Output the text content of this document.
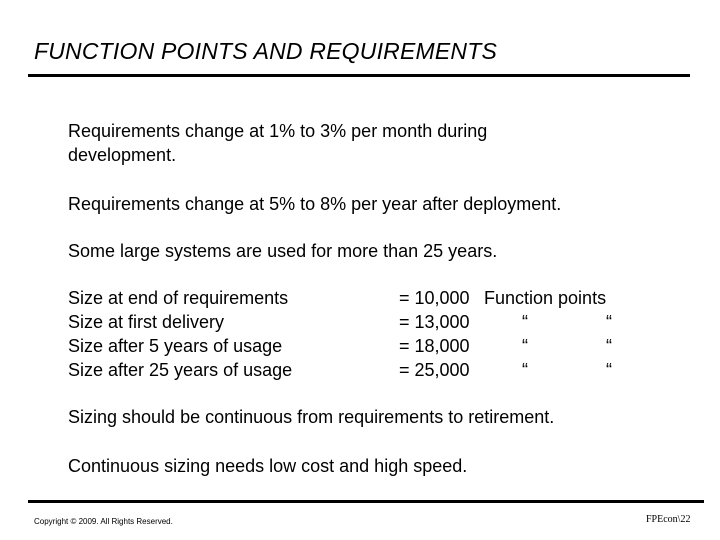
FUNCTION POINTS AND REQUIREMENTS
Requirements change at 1% to 3% per month during
development.
Requirements change at 5% to 8% per year after deployment.
Some large systems are used for more than 25 years.
Size at end of requirements	= 10,000 Function points
Size at first delivery	= 13,000	“	“
Size after 5 years of usage	= 18,000	“	“
Size after 25 years of usage	= 25,000	“	“
Sizing should be continuous from requirements to retirement.
Continuous sizing needs low cost and high speed.
Copyright © 2009. All Rights Reserved.	FPEcon\22
